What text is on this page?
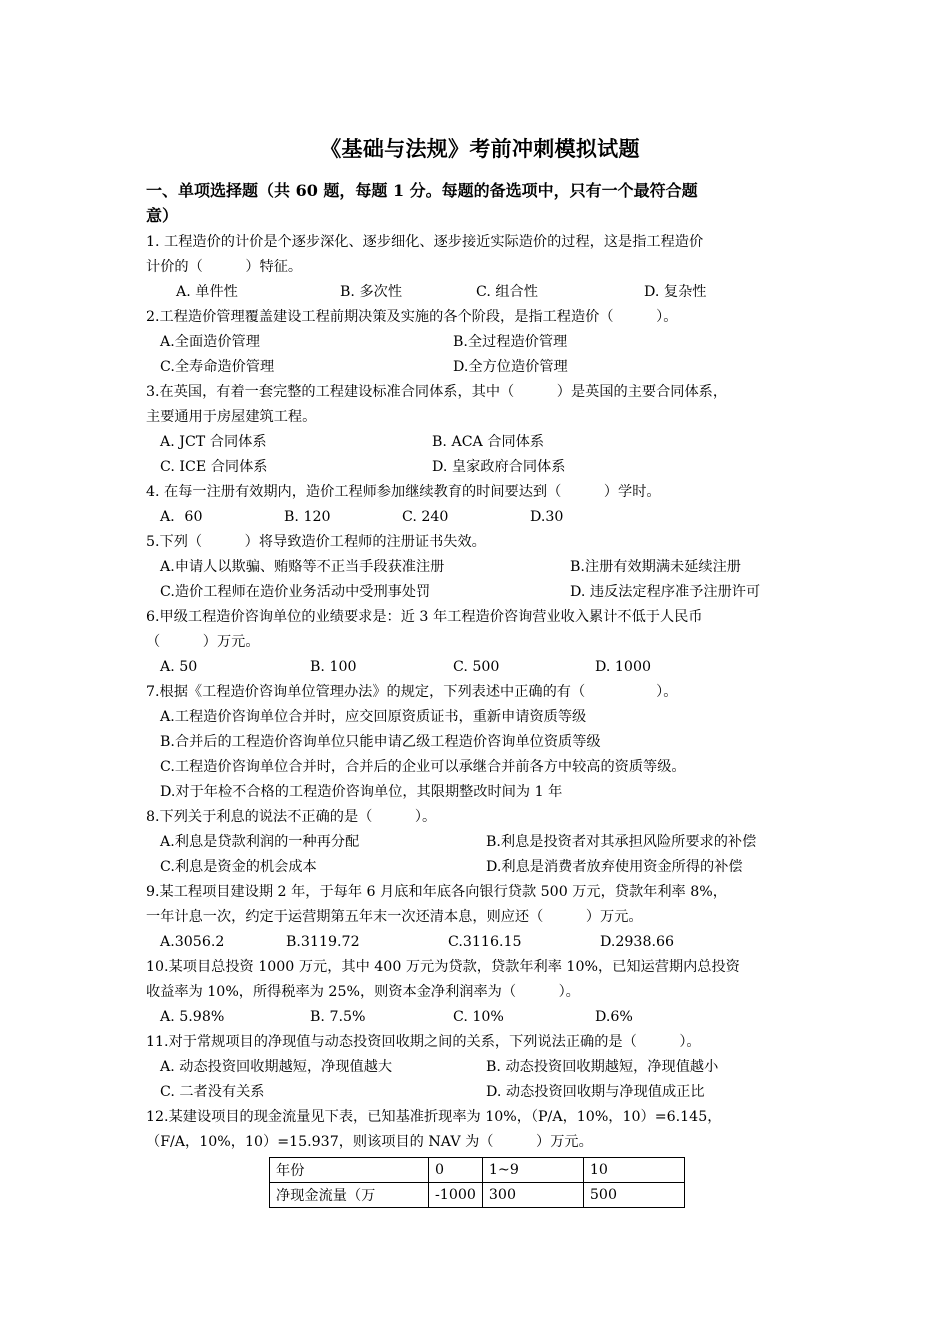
《基础与法规》考前冲刺模拟试题
一、单项选择题（共 60 题，每题 1 分。每题的备选项中，只有一个最符合题
意）
1. 工程造价的计价是个逐步深化、逐步细化、逐步接近实际造价的过程，这是指工程造价
计价的（　　　）特征。
A. 单件性	B. 多次性	C. 组合性	D. 复杂性
2.工程造价管理覆盖建设工程前期决策及实施的各个阶段，是指工程造价（　　　）。
A.全面造价管理	B.全过程造价管理
C.全寿命造价管理	D.全方位造价管理
3.在英国，有着一套完整的工程建设标准合同体系，其中（　　　）是英国的主要合同体系，
主要通用于房屋建筑工程。
A. JCT 合同体系	B. ACA 合同体系
C. ICE 合同体系	D. 皇家政府合同体系
4. 在每一注册有效期内，造价工程师参加继续教育的时间要达到（　　　）学时。
A．60	B. 120	C. 240	D.30
5.下列（　　　）将导致造价工程师的注册证书失效。
A.申请人以欺骗、贿赂等不正当手段获准注册	B.注册有效期满未延续注册
C.造价工程师在造价业务活动中受刑事处罚	D. 违反法定程序准予注册许可
6.甲级工程造价咨询单位的业绩要求是：近 3 年工程造价咨询营业收入累计不低于人民币
（　　　）万元。
A. 50	B. 100	C. 500	D. 1000
7.根据《工程造价咨询单位管理办法》的规定，下列表述中正确的有（　　　　　）。
A.工程造价咨询单位合并时，应交回原资质证书，重新申请资质等级
B.合并后的工程造价咨询单位只能申请乙级工程造价咨询单位资质等级
C.工程造价咨询单位合并时，合并后的企业可以承继合并前各方中较高的资质等级。
D.对于年检不合格的工程造价咨询单位，其限期整改时间为 1 年
8.下列关于利息的说法不正确的是（　　　）。
A.利息是贷款利润的一种再分配	B.利息是投资者对其承担风险所要求的补偿
C.利息是资金的机会成本	D.利息是消费者放弃使用资金所得的补偿
9.某工程项目建设期 2 年，于每年 6 月底和年底各向银行贷款 500 万元，贷款年利率 8%，
一年计息一次，约定于运营期第五年末一次还清本息，则应还（　　　）万元。
A.3056.2	B.3119.72	C.3116.15	D.2938.66
10.某项目总投资 1000 万元，其中 400 万元为贷款，贷款年利率 10%，已知运营期内总投资
收益率为 10%，所得税率为 25%，则资本金净利润率为（　　　）。
A. 5.98%	B. 7.5%	C. 10%	D.6%
11.对于常规项目的净现值与动态投资回收期之间的关系，下列说法正确的是（　　　）。
A. 动态投资回收期越短，净现值越大	B. 动态投资回收期越短，净现值越小
C. 二者没有关系	D. 动态投资回收期与净现值成正比
12.某建设项目的现金流量见下表，已知基准折现率为 10%，（P/A，10%，10）=6.145，
（F/A，10%，10）=15.937，则该项目的 NAV 为（　　　）万元。
年份	0	1~9	10
净现金流量（万	-1000	300	500
